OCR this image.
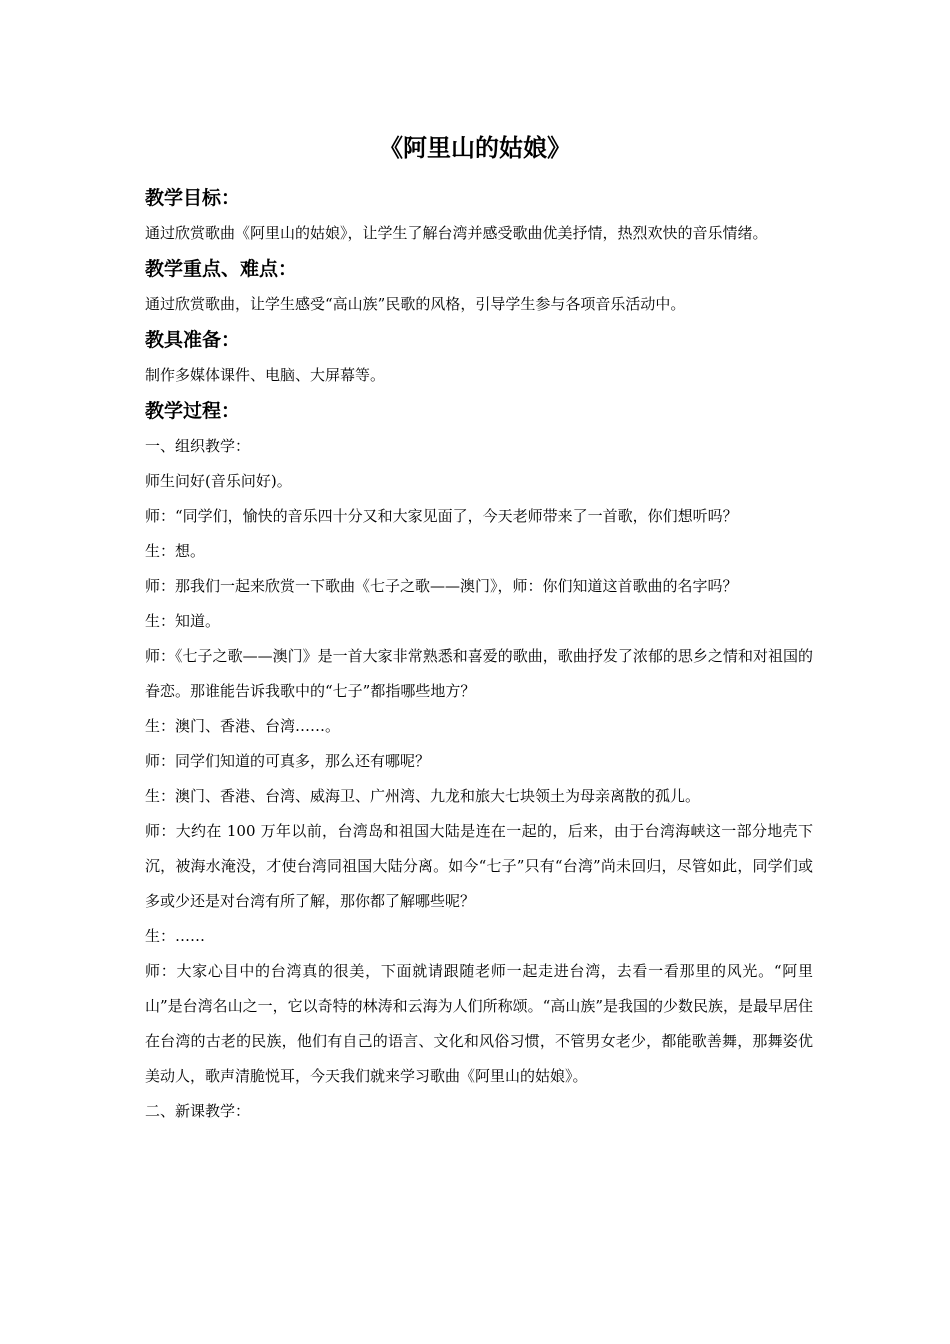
《阿里山的姑娘》
教学目标：

通过欣赏歌曲《阿里山的姑娘》，让学生了解台湾并感受歌曲优美抒情，热烈欢快的音乐情绪。

教学重点、难点：

通过欣赏歌曲，让学生感受“高山族”民歌的风格，引导学生参与各项音乐活动中。

教具准备：

制作多媒体课件、电脑、大屏幕等。

教学过程：

一、组织教学：

师生问好(音乐问好)。

师：“同学们，愉快的音乐四十分又和大家见面了，今天老师带来了一首歌，你们想听吗？

生：想。

师：那我们一起来欣赏一下歌曲《七子之歌——澳门》，师：你们知道这首歌曲的名字吗？

生：知道。

师：《七子之歌——澳门》是一首大家非常熟悉和喜爱的歌曲，歌曲抒发了浓郁的思乡之情和对祖国的眷恋。那谁能告诉我歌中的“七子”都指哪些地方？

生：澳门、香港、台湾……。

师：同学们知道的可真多，那么还有哪呢？

生：澳门、香港、台湾、威海卫、广州湾、九龙和旅大七块领土为母亲离散的孤儿。

师：大约在 100 万年以前，台湾岛和祖国大陆是连在一起的，后来，由于台湾海峡这一部分地壳下沉，被海水淹没，才使台湾同祖国大陆分离。如今“七子”只有“台湾”尚未回归，尽管如此，同学们或多或少还是对台湾有所了解，那你都了解哪些呢？

生：……

师：大家心目中的台湾真的很美，下面就请跟随老师一起走进台湾，去看一看那里的风光。“阿里山”是台湾名山之一，它以奇特的林涛和云海为人们所称颂。“高山族”是我国的少数民族，是最早居住在台湾的古老的民族，他们有自己的语言、文化和风俗习惯，不管男女老少，都能歌善舞，那舞姿优美动人，歌声清脆悦耳，今天我们就来学习歌曲《阿里山的姑娘》。

二、新课教学：
